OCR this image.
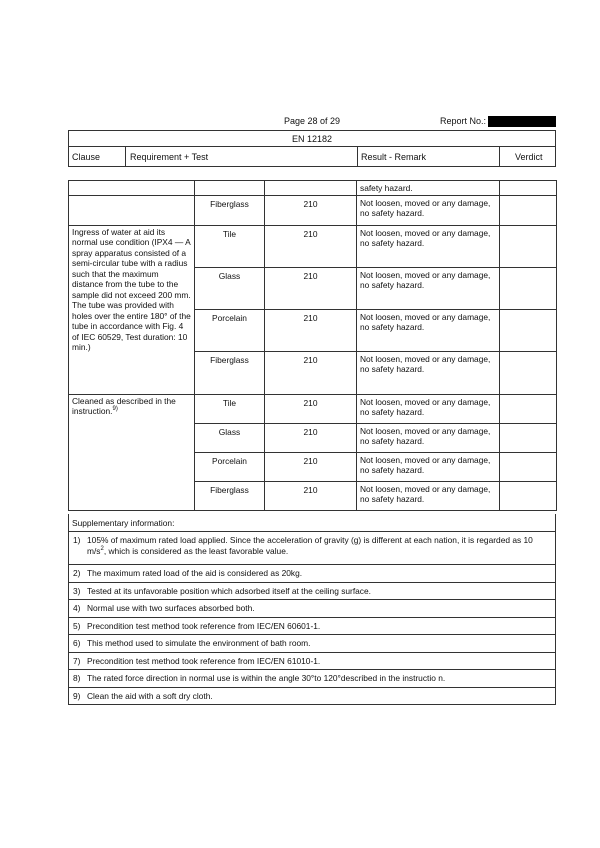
Page 28 of 29	Report No.:
EN 12182
Clause	Requirement + Test	Result - Remark	Verdict
			safety hazard.	
	Fiberglass	210	Not loosen, moved or any damage, no safety hazard.	
Ingress of water at aid its normal use condition (IPX4 — A spray apparatus consisted of a semi-circular tube with a radius such that the maximum distance from the tube to the sample did not exceed 200 mm. The tube was provided with holes over the entire 180° of the tube in accordance with Fig. 4 of IEC 60529, Test duration: 10 min.)	Tile	210	Not loosen, moved or any damage, no safety hazard.	
	Glass	210	Not loosen, moved or any damage, no safety hazard.	
	Porcelain	210	Not loosen, moved or any damage, no safety hazard.	
	Fiberglass	210	Not loosen, moved or any damage, no safety hazard.	
Cleaned as described in the instruction.$^{9)}$	Tile	210	Not loosen, moved or any damage, no safety hazard.	
	Glass	210	Not loosen, moved or any damage, no safety hazard.	
	Porcelain	210	Not loosen, moved or any damage, no safety hazard.	
	Fiberglass	210	Not loosen, moved or any damage, no safety hazard.	
Supplementary information:
1) 105% of maximum rated load applied. Since the acceleration of gravity (g) is different at each nation, it is regarded as 10 $m/s^2$, which is considered as the least favorable value.
2) The maximum rated load of the aid is considered as 20kg.
3) Tested at its unfavorable position which adsorbed itself at the ceiling surface.
4) Normal use with two surfaces absorbed both.
5) Precondition test method took reference from IEC/EN 60601-1.
6) This method used to simulate the environment of bath room.
7) Precondition test method took reference from IEC/EN 61010-1.
8) The rated force direction in normal use is within the angle 30°to 120°described in the instructio n.
9) Clean the aid with a soft dry cloth.
